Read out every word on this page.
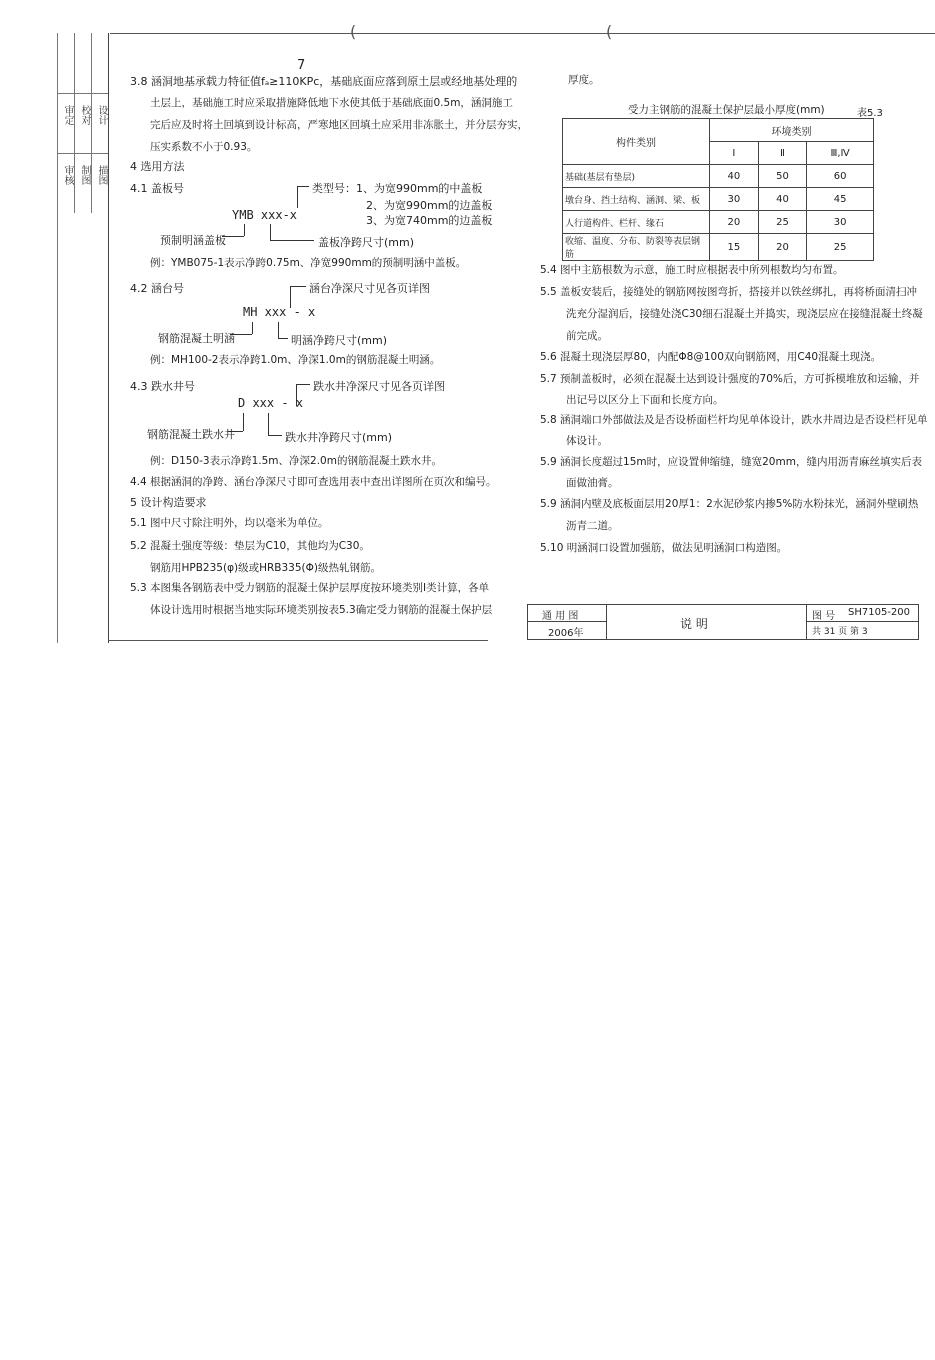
(	(
审定 校对 设计
审核 制图 描图
7
3.8 涵洞地基承载力特征值fₐ≥110KPc，基础底面应落到原土层或经地基处理的
土层上，基础施工时应采取措施降低地下水使其低于基础底面0.5m，涵洞施工
完后应及时将土回填到设计标高，严寒地区回填土应采用非冻胀土，并分层夯实，
压实系数不小于0.93。
4 选用方法
4.1 盖板号	类型号：1、为宽990mm的中盖板
2、为宽990mm的边盖板
3、为宽740mm的边盖板
YMB xxx-x
预制明涵盖板	盖板净跨尺寸(mm)
例：YMB075-1表示净跨0.75m、净宽990mm的预制明涵中盖板。
4.2 涵台号	涵台净深尺寸见各页详图
MH xxx - x
钢筋混凝土明涵	明涵净跨尺寸(mm)
例：MH100-2表示净跨1.0m、净深1.0m的钢筋混凝土明涵。
4.3 跌水井号	跌水井净深尺寸见各页详图
D xxx - x
钢筋混凝土跌水井	跌水井净跨尺寸(mm)
例：D150-3表示净跨1.5m、净深2.0m的钢筋混凝土跌水井。
4.4 根据涵洞的净跨、涵台净深尺寸即可查选用表中查出详图所在页次和编号。
5 设计构造要求
5.1 图中尺寸除注明外，均以毫米为单位。
5.2 混凝土强度等级：垫层为C10，其他均为C30。
钢筋用HPB235(φ)级或HRB335(Φ)级热轧钢筋。
5.3 本图集各钢筋表中受力钢筋的混凝土保护层厚度按环境类别Ⅰ类计算，各单
体设计选用时根据当地实际环境类别按表5.3确定受力钢筋的混凝土保护层
厚度。
受力主钢筋的混凝土保护层最小厚度(mm)	表5.3
构件类别	环境类别		
	Ⅰ	Ⅱ	Ⅲ,Ⅳ
基础(基层有垫层)	40	50	60
墩台身、挡土结构、涵洞、梁、板	30	40	45
人行道构件、栏杆、缘石	20	25	30
收缩、温度、分布、防裂等表层钢筋	15	20	25
5.4 图中主筋根数为示意，施工时应根据表中所列根数均匀布置。
5.5 盖板安装后，接缝处的钢筋网按图弯折，搭接并以铁丝绑扎，再将桥面清扫冲
洗充分湿润后，接缝处浇C30细石混凝土并捣实，现浇层应在接缝混凝土终凝
前完成。
5.6 混凝土现浇层厚80，内配Φ8@100双向钢筋网，用C40混凝土现浇。
5.7 预制盖板时，必须在混凝土达到设计强度的70%后，方可拆模堆放和运输，并
出记号以区分上下面和长度方向。
5.8 涵洞端口外部做法及是否设桥面栏杆均见单体设计，跌水井周边是否设栏杆见单
体设计。
5.9 涵洞长度超过15m时，应设置伸缩缝，缝宽20mm，缝内用沥青麻丝填实后表
面做油膏。
5.9 涵洞内壁及底板面层用20厚1：2水泥砂浆内掺5%防水粉抹光，涵洞外壁刷热
沥青二道。
5.10 明涵洞口设置加强筋，做法见明涵洞口构造图。
通 用 图
2006年
说 明
图 号 SH7105-200
共 31 页 第 3
